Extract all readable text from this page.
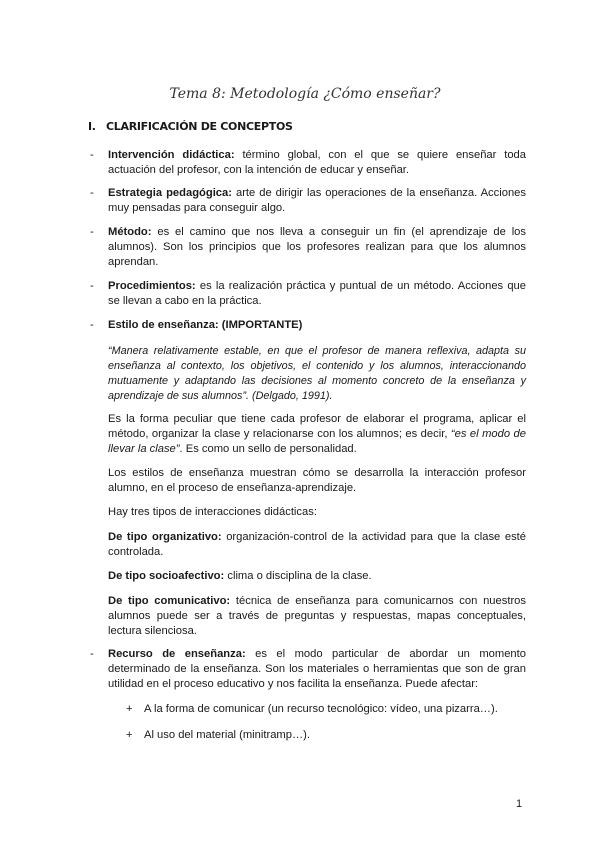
Tema 8: Metodología ¿Cómo enseñar?
I. CLARIFICACIÓN DE CONCEPTOS
- Intervención didáctica: término global, con el que se quiere enseñar toda actuación del profesor, con la intención de educar y enseñar.
- Estrategia pedagógica: arte de dirigir las operaciones de la enseñanza. Acciones muy pensadas para conseguir algo.
- Método: es el camino que nos lleva a conseguir un fin (el aprendizaje de los alumnos). Son los principios que los profesores realizan para que los alumnos aprendan.
- Procedimientos: es la realización práctica y puntual de un método. Acciones que se llevan a cabo en la práctica.
- Estilo de enseñanza: (IMPORTANTE)
“Manera relativamente estable, en que el profesor de manera reflexiva, adapta su enseñanza al contexto, los objetivos, el contenido y los alumnos, interaccionando mutuamente y adaptando las decisiones al momento concreto de la enseñanza y aprendizaje de sus alumnos”. (Delgado, 1991).
Es la forma peculiar que tiene cada profesor de elaborar el programa, aplicar el método, organizar la clase y relacionarse con los alumnos; es decir, “es el modo de llevar la clase”. Es como un sello de personalidad.
Los estilos de enseñanza muestran cómo se desarrolla la interacción profesor alumno, en el proceso de enseñanza-aprendizaje.
Hay tres tipos de interacciones didácticas:
De tipo organizativo: organización-control de la actividad para que la clase esté controlada.
De tipo socioafectivo: clima o disciplina de la clase.
De tipo comunicativo: técnica de enseñanza para comunicarnos con nuestros alumnos puede ser a través de preguntas y respuestas, mapas conceptuales, lectura silenciosa.
- Recurso de enseñanza: es el modo particular de abordar un momento determinado de la enseñanza. Son los materiales o herramientas que son de gran utilidad en el proceso educativo y nos facilita la enseñanza. Puede afectar:
+ A la forma de comunicar (un recurso tecnológico: vídeo, una pizarra…).
+ Al uso del material (minitramp…).
1
